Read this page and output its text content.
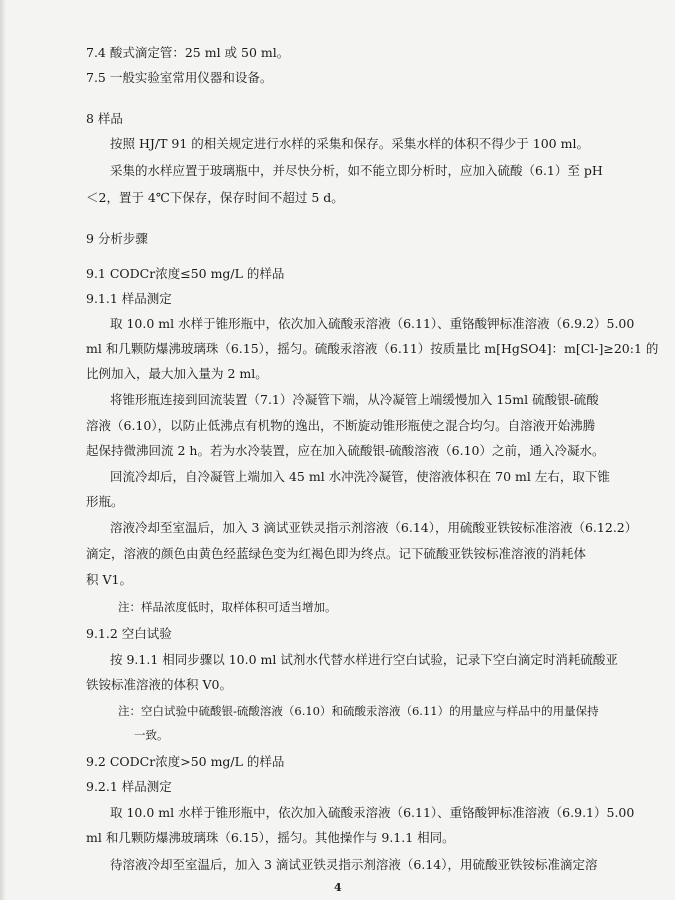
7.4 酸式滴定管：25 ml 或 50 ml。
7.5 一般实验室常用仪器和设备。
8 样品
按照 HJ/T 91 的相关规定进行水样的采集和保存。采集水样的体积不得少于 100 ml。
采集的水样应置于玻璃瓶中，并尽快分析，如不能立即分析时，应加入硫酸（6.1）至 pH
＜2，置于 4℃下保存，保存时间不超过 5 d。
9 分析步骤
9.1 CODCr浓度≤50 mg/L 的样品
9.1.1 样品测定
取 10.0 ml 水样于锥形瓶中，依次加入硫酸汞溶液（6.11）、重铬酸钾标准溶液（6.9.2）5.00
ml 和几颗防爆沸玻璃珠（6.15），摇匀。硫酸汞溶液（6.11）按质量比 m[HgSO4]：m[Cl-]≥20:1 的
比例加入，最大加入量为 2 ml。
将锥形瓶连接到回流装置（7.1）冷凝管下端，从冷凝管上端缓慢加入 15ml 硫酸银-硫酸
溶液（6.10），以防止低沸点有机物的逸出，不断旋动锥形瓶使之混合均匀。自溶液开始沸腾
起保持微沸回流 2 h。若为水冷装置，应在加入硫酸银-硫酸溶液（6.10）之前，通入冷凝水。
回流冷却后，自冷凝管上端加入 45 ml 水冲洗冷凝管，使溶液体积在 70 ml 左右，取下锥
形瓶。
溶液冷却至室温后，加入 3 滴试亚铁灵指示剂溶液（6.14），用硫酸亚铁铵标准溶液（6.12.2）
滴定，溶液的颜色由黄色经蓝绿色变为红褐色即为终点。记下硫酸亚铁铵标准溶液的消耗体
积 V1。
注：样品浓度低时，取样体积可适当增加。
9.1.2 空白试验
按 9.1.1 相同步骤以 10.0 ml 试剂水代替水样进行空白试验，记录下空白滴定时消耗硫酸亚
铁铵标准溶液的体积 V0。
注：空白试验中硫酸银-硫酸溶液（6.10）和硫酸汞溶液（6.11）的用量应与样品中的用量保持
一致。
9.2 CODCr浓度>50 mg/L 的样品
9.2.1 样品测定
取 10.0 ml 水样于锥形瓶中，依次加入硫酸汞溶液（6.11）、重铬酸钾标准溶液（6.9.1）5.00
ml 和几颗防爆沸玻璃珠（6.15），摇匀。其他操作与 9.1.1 相同。
待溶液冷却至室温后，加入 3 滴试亚铁灵指示剂溶液（6.14），用硫酸亚铁铵标准滴定溶
4
